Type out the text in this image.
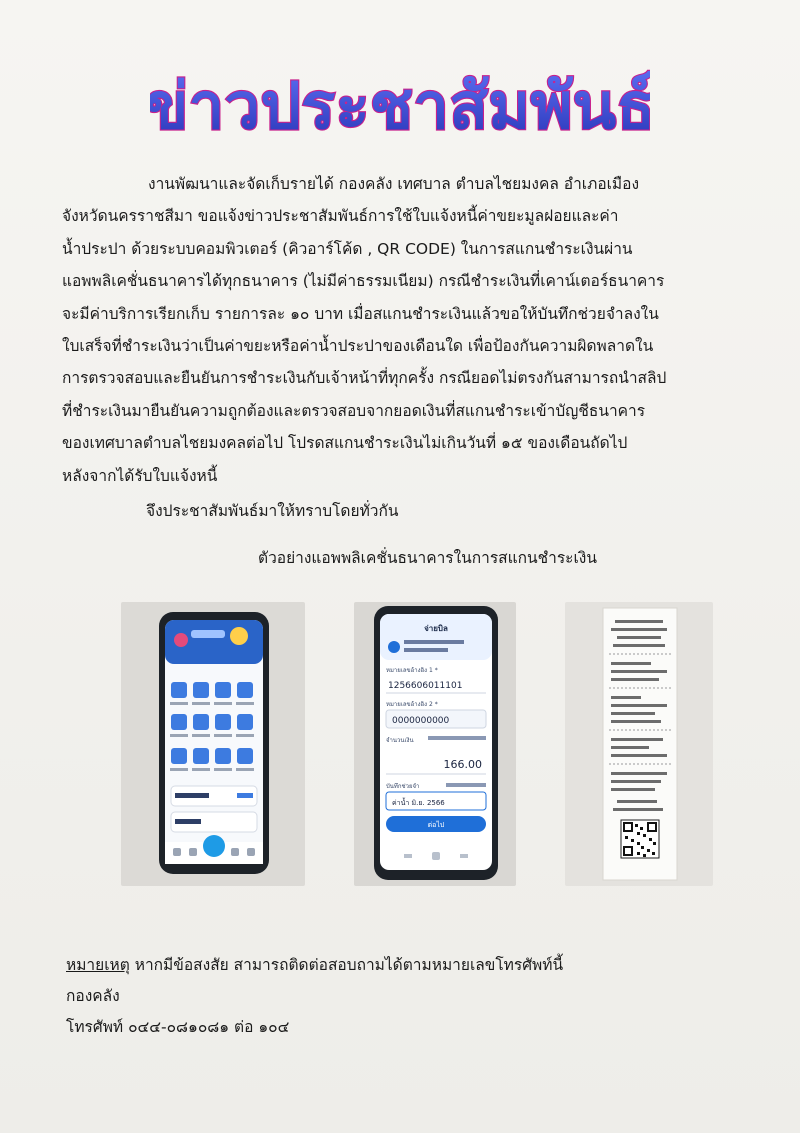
ข่าวประชาสัมพันธ์
งานพัฒนาและจัดเก็บรายได้ กองคลัง เทศบาล ตำบลไชยมงคล อำเภอเมือง
จังหวัดนครราชสีมา ขอแจ้งข่าวประชาสัมพันธ์การใช้ใบแจ้งหนี้ค่าขยะมูลฝอยและค่า
น้ำประปา ด้วยระบบคอมพิวเตอร์ (คิวอาร์โค้ด , QR CODE) ในการสแกนชำระเงินผ่าน
แอพพลิเคชั่นธนาคารได้ทุกธนาคาร (ไม่มีค่าธรรมเนียม) กรณีชำระเงินที่เคาน์เตอร์ธนาคาร
จะมีค่าบริการเรียกเก็บ รายการละ ๑๐ บาท เมื่อสแกนชำระเงินแล้วขอให้บันทึกช่วยจำลงใน
ใบเสร็จที่ชำระเงินว่าเป็นค่าขยะหรือค่าน้ำประปาของเดือนใด เพื่อป้องกันความผิดพลาดใน
การตรวจสอบและยืนยันการชำระเงินกับเจ้าหน้าที่ทุกครั้ง กรณียอดไม่ตรงกันสามารถนำสลิป
ที่ชำระเงินมายืนยันความถูกต้องและตรวจสอบจากยอดเงินที่สแกนชำระเข้าบัญชีธนาคาร
ของเทศบาลตำบลไชยมงคลต่อไป โปรดสแกนชำระเงินไม่เกินวันที่ ๑๕ ของเดือนถัดไป
หลังจากได้รับใบแจ้งหนี้
จึงประชาสัมพันธ์มาให้ทราบโดยทั่วกัน
ตัวอย่างแอพพลิเคชั่นธนาคารในการสแกนชำระเงิน
จ่ายบิล
หมายเลขอ้างอิง 1 *
1256606011101
หมายเลขอ้างอิง 2 *
0000000000
จำนวนเงิน
166.00
บันทึกช่วยจำ
ค่าน้ำ มิ.ย. 2566
ต่อไป
หมายเหตุ หากมีข้อสงสัย สามารถติดต่อสอบถามได้ตามหมายเลขโทรศัพท์นี้
กองคลัง
โทรศัพท์ ๐๔๔-๐๘๑๐๘๑ ต่อ ๑๐๔
